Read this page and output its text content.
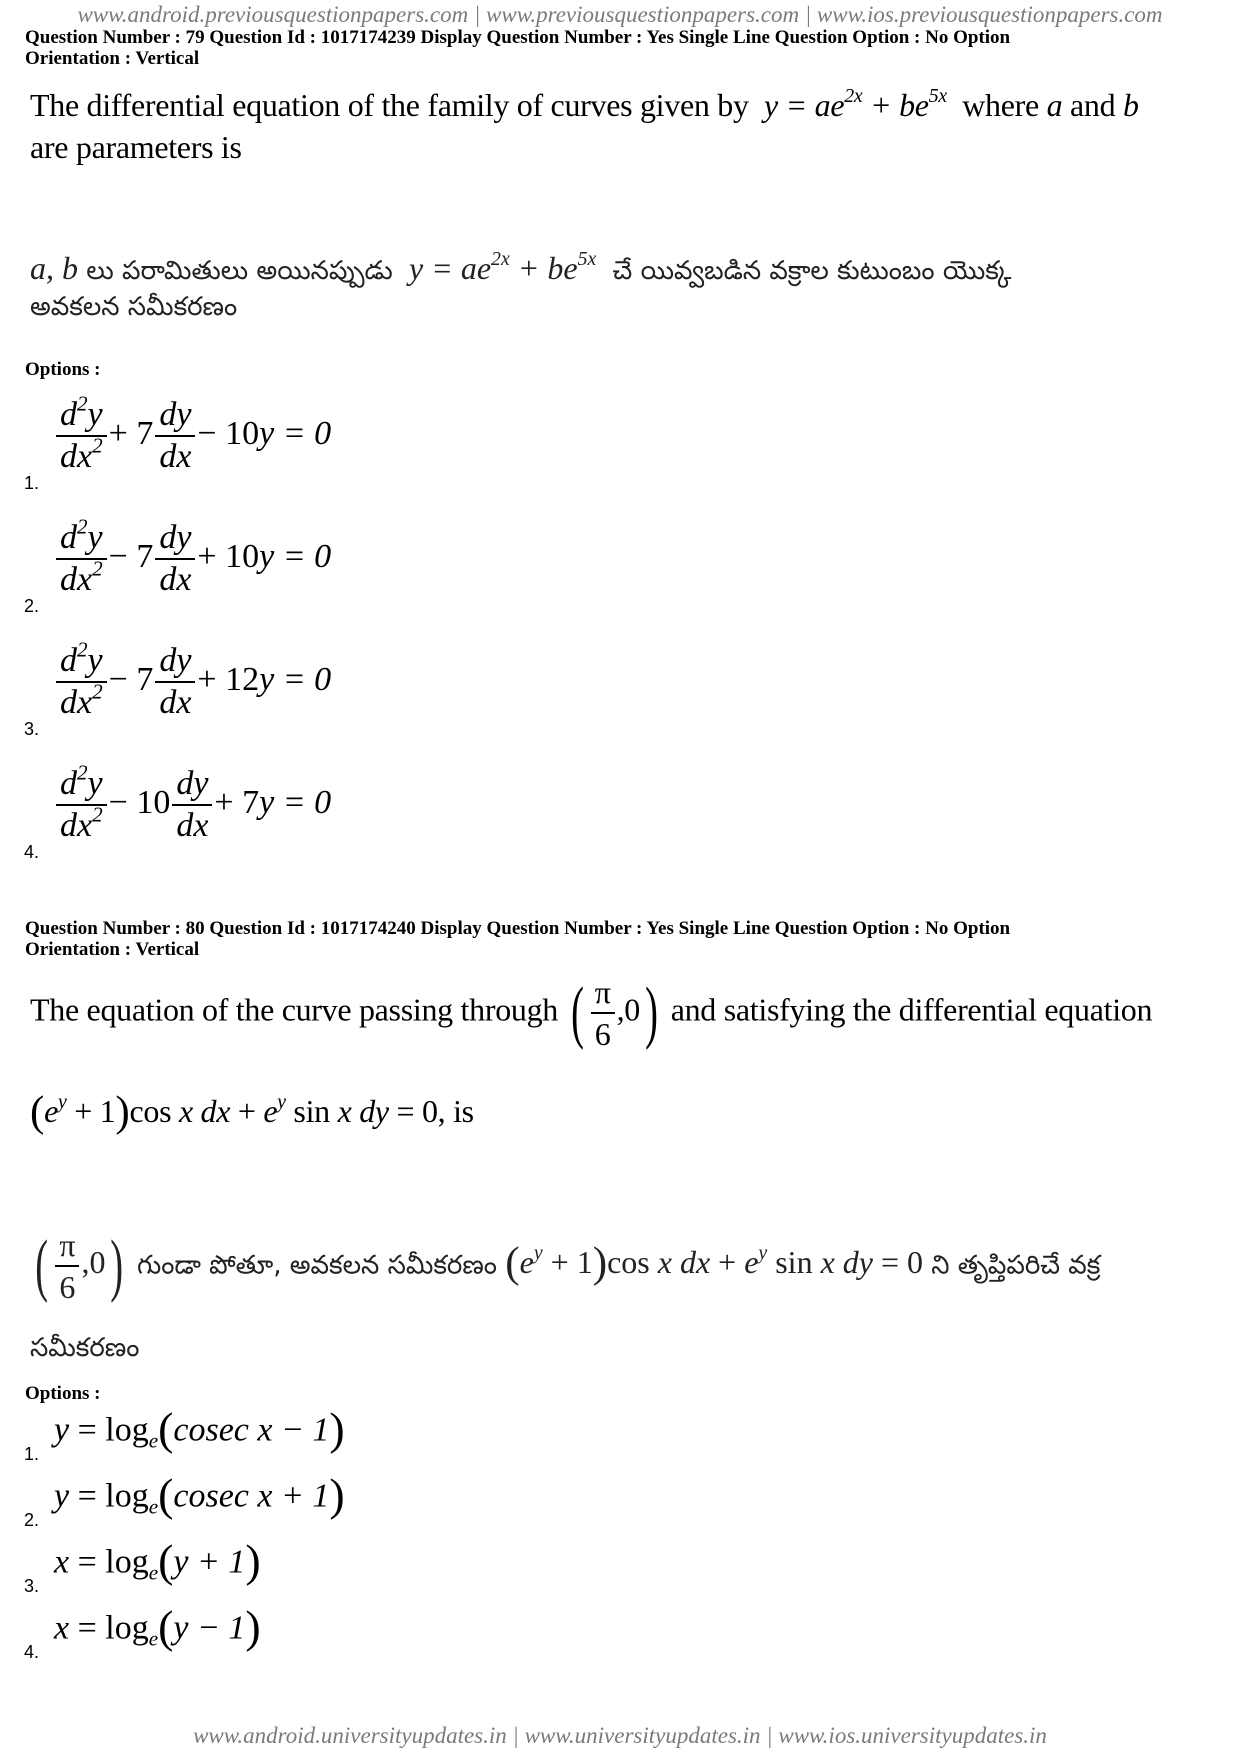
www.android.previousquestionpapers.com | www.previousquestionpapers.com | www.ios.previousquestionpapers.com
Question Number : 79 Question Id : 1017174239 Display Question Number : Yes Single Line Question Option : No Option
Orientation : Vertical
The differential equation of the family of curves given by  $y = ae^{2x} + be^{5x}$ where a and b
are parameters is
a, b లు పరామితులు అయినప్పుడు  $y = ae^{2x} + be^{5x}$ చే యివ్వబడిన వక్రాల కుటుంబం యొక్క
అవకలన సమీకరణం
Options :
1.
$\frac{d^2y}{dx^2} + 7 \frac{dy}{dx} - 10y = 0$
2.
$\frac{d^2y}{dx^2} - 7 \frac{dy}{dx} + 10y = 0$
3.
$\frac{d^2y}{dx^2} - 7 \frac{dy}{dx} + 12y = 0$
4.
$\frac{d^2y}{dx^2} - 10 \frac{dy}{dx} + 7y = 0$
Question Number : 80 Question Id : 1017174240 Display Question Number : Yes Single Line Question Option : No Option
Orientation : Vertical
The equation of the curve passing through ( $\frac{\pi}{6} ,0$) and satisfying the differential equation
$(e^y + 1)\cos$ x dx + $e^y$ sin x dy = 0, is
( $\frac{\pi}{6} ,0$) గుండా పోతూ, అవకలన సమీకరణం $(e^y + 1)\cos$ x dx + $e^y$ sin x dy = 0 ని తృప్తిపరిచే వక్ర
సమీకరణం
Options :
1.
$y = \log_e(cosec$ x − 1)
2.
$y = \log_e(cosec$ x + 1)
3.
$x = \log_e(y + 1)$
4.
$x = \log_e(y - 1)$
www.android.universityupdates.in | www.universityupdates.in | www.ios.universityupdates.in
